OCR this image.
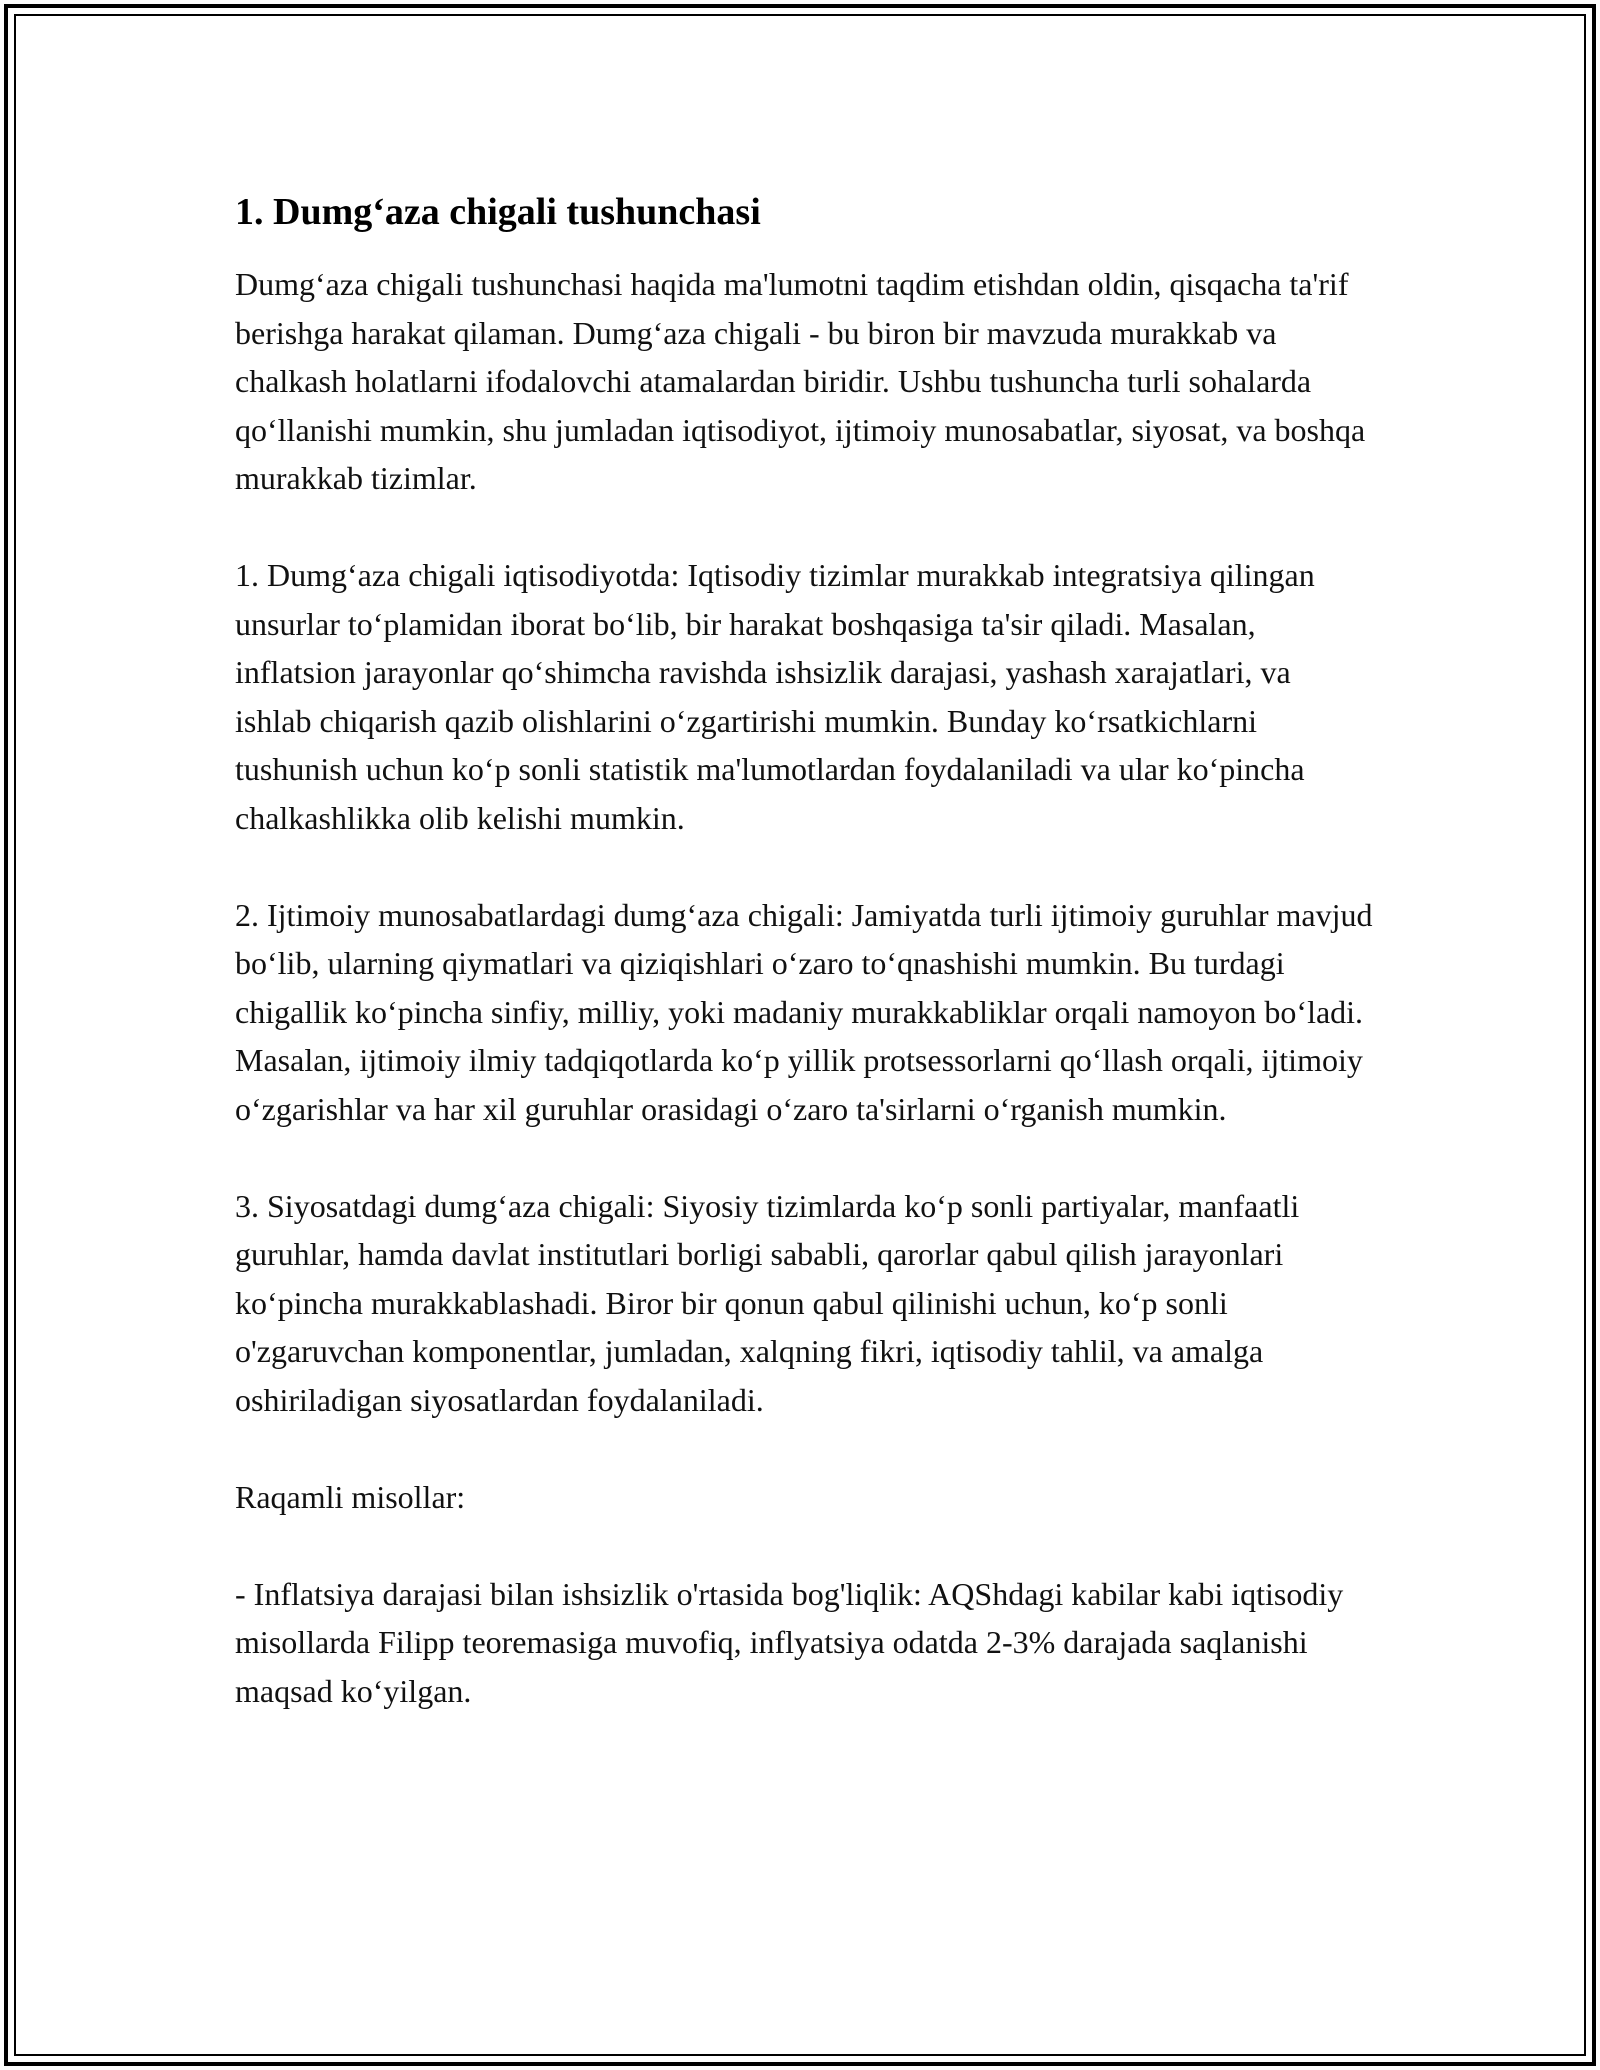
1. Dumgʻaza chigali tushunchasi

Dumgʻaza chigali tushunchasi haqida ma'lumotni taqdim etishdan oldin, qisqacha ta'rif berishga harakat qilaman. Dumgʻaza chigali - bu biron bir mavzuda murakkab va chalkash holatlarni ifodalovchi atamalardan biridir. Ushbu tushuncha turli sohalarda qoʻllanishi mumkin, shu jumladan iqtisodiyot, ijtimoiy munosabatlar, siyosat, va boshqa murakkab tizimlar.

1. Dumgʻaza chigali iqtisodiyotda: Iqtisodiy tizimlar murakkab integratsiya qilingan unsurlar toʻplamidan iborat boʻlib, bir harakat boshqasiga ta'sir qiladi. Masalan, inflatsion jarayonlar qoʻshimcha ravishda ishsizlik darajasi, yashash xarajatlari, va ishlab chiqarish qazib olishlarini oʻzgartirishi mumkin. Bunday koʻrsatkichlarni tushunish uchun koʻp sonli statistik ma'lumotlardan foydalaniladi va ular koʻpincha chalkashlikka olib kelishi mumkin.

2. Ijtimoiy munosabatlardagi dumgʻaza chigali: Jamiyatda turli ijtimoiy guruhlar mavjud boʻlib, ularning qiymatlari va qiziqishlari oʻzaro toʻqnashishi mumkin. Bu turdagi chigallik koʻpincha sinfiy, milliy, yoki madaniy murakkabliklar orqali namoyon boʻladi. Masalan, ijtimoiy ilmiy tadqiqotlarda koʻp yillik protsessorlarni qoʻllash orqali, ijtimoiy oʻzgarishlar va har xil guruhlar orasidagi oʻzaro ta'sirlarni oʻrganish mumkin.

3. Siyosatdagi dumgʻaza chigali: Siyosiy tizimlarda koʻp sonli partiyalar, manfaatli guruhlar, hamda davlat institutlari borligi sababli, qarorlar qabul qilish jarayonlari koʻpincha murakkablashadi. Biror bir qonun qabul qilinishi uchun, koʻp sonli o'zgaruvchan komponentlar, jumladan, xalqning fikri, iqtisodiy tahlil, va amalga oshiriladigan siyosatlardan foydalaniladi.

Raqamli misollar:

- Inflatsiya darajasi bilan ishsizlik o'rtasida bog'liqlik: AQShdagi kabilar kabi iqtisodiy misollarda Filipp teoremasiga muvofiq, inflyatsiya odatda 2-3% darajada saqlanishi maqsad koʻyilgan.
